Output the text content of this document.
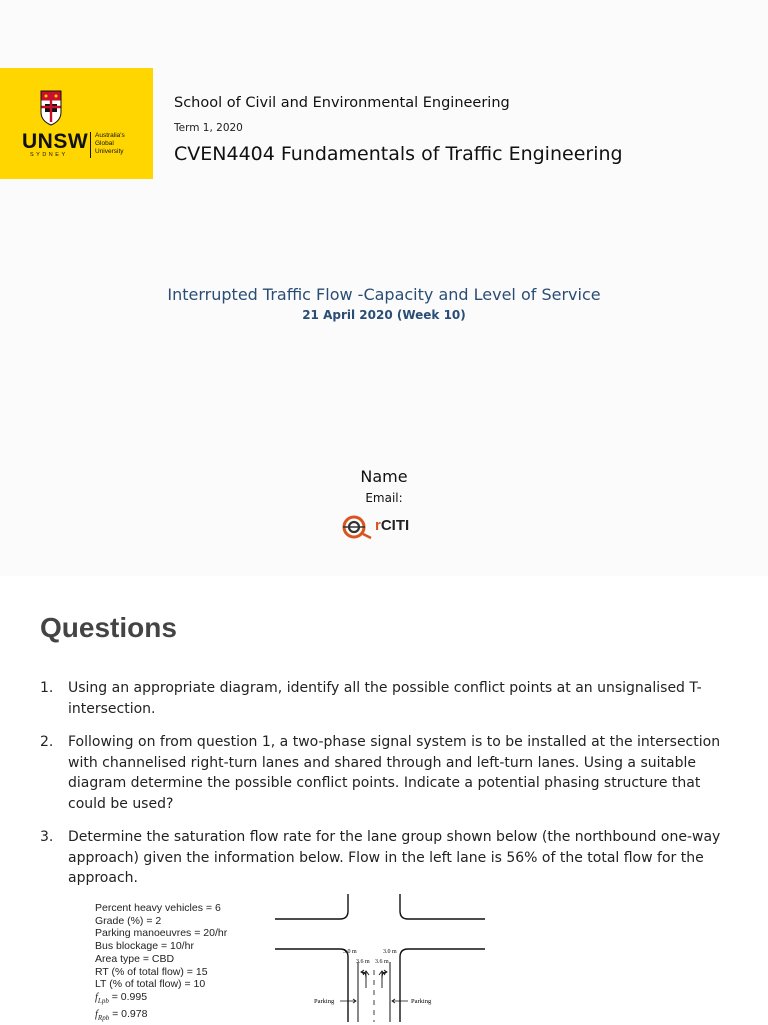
UNSW
SYDNEY
Australia's
Global
University
School of Civil and Environmental Engineering
Term 1, 2020
CVEN4404 Fundamentals of Traffic Engineering
Interrupted Traffic Flow -Capacity and Level of Service
21 April 2020 (Week 10)
Name
Email:
rCITI
Questions
1. Using an appropriate diagram, identify all the possible conflict points at an unsignalised T-intersection.
2. Following on from question 1, a two-phase signal system is to be installed at the intersection with channelised right-turn lanes and shared through and left-turn lanes. Using a suitable diagram determine the possible conflict points. Indicate a potential phasing structure that could be used?
3. Determine the saturation flow rate for the lane group shown below (the northbound one-way approach) given the information below. Flow in the left lane is 56% of the total flow for the approach.
Percent heavy vehicles = 6
Grade (%) = 2
Parking manoeuvres = 20/hr
Bus blockage = 10/hr
Area type = CBD
RT (% of total flow) = 15
LT (% of total flow) = 10
$f_{Lpb} = 0.995$
$f_{Rpb} = 0.978$
3.0 m	3.0 m
3.6 m 3.6 m
Parking	Parking
